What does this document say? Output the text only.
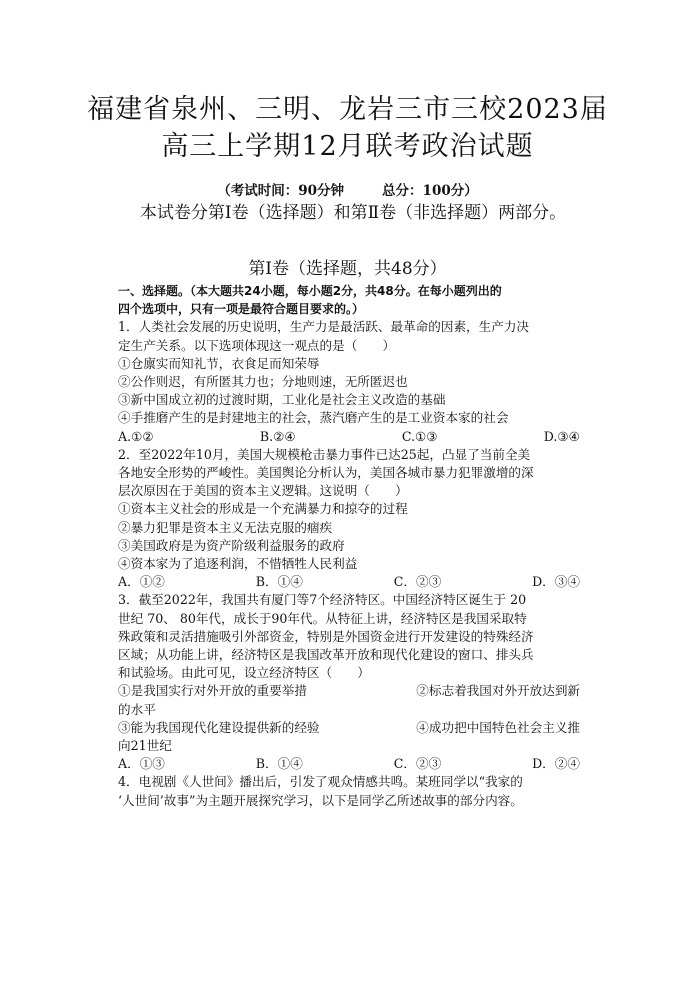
福建省泉州、三明、龙岩三市三校2023届
高三上学期12月联考政治试题
（考试时间：90分钟	总分：100分）
本试卷分第Ⅰ卷（选择题）和第Ⅱ卷（非选择题）两部分。
第Ⅰ卷（选择题，共48分）

一、选择题。（本大题共24小题，每小题2分，共48分。在每小题列出的

四个选项中，只有一项是最符合题目要求的。）

1．人类社会发展的历史说明，生产力是最活跃、最革命的因素，生产力决

定生产关系。以下选项体现这一观点的是（　　）

①仓廪实而知礼节，衣食足而知荣辱

②公作则迟，有所匿其力也；分地则速，无所匿迟也

③新中国成立初的过渡时期，工业化是社会主义改造的基础

④手推磨产生的是封建地主的社会，蒸汽磨产生的是工业资本家的社会

A.①②	B.②④	C.①③	D.③④

2．至2022年10月，美国大规模枪击暴力事件已达25起，凸显了当前全美

各地安全形势的严峻性。美国舆论分析认为，美国各城市暴力犯罪激增的深

层次原因在于美国的资本主义逻辑。这说明（　　）

①资本主义社会的形成是一个充满暴力和掠夺的过程

②暴力犯罪是资本主义无法克服的痼疾

③美国政府是为资产阶级利益服务的政府

④资本家为了追逐利润，不惜牺牲人民利益

A．①②	B．①④	C．②③	D．③④

3．截至2022年，我国共有厦门等7个经济特区。中国经济特区诞生于 20

世纪 70、 80年代，成长于90年代。从特征上讲，经济特区是我国采取特

殊政策和灵活措施吸引外部资金，特别是外国资金进行开发建设的特殊经济

区域；从功能上讲，经济特区是我国改革开放和现代化建设的窗口、排头兵

和试验场。由此可见，设立经济特区（　　）

①是我国实行对外开放的重要举措	②标志着我国对外开放达到新

的水平

③能为我国现代化建设提供新的经验	④成功把中国特色社会主义推

向21世纪

A．①③	B．①④	C．②③	D．②④

4．电视剧《人世间》播出后，引发了观众情感共鸣。某班同学以“我家的

‘人世间’故事”为主题开展探究学习，以下是同学乙所述故事的部分内容。
